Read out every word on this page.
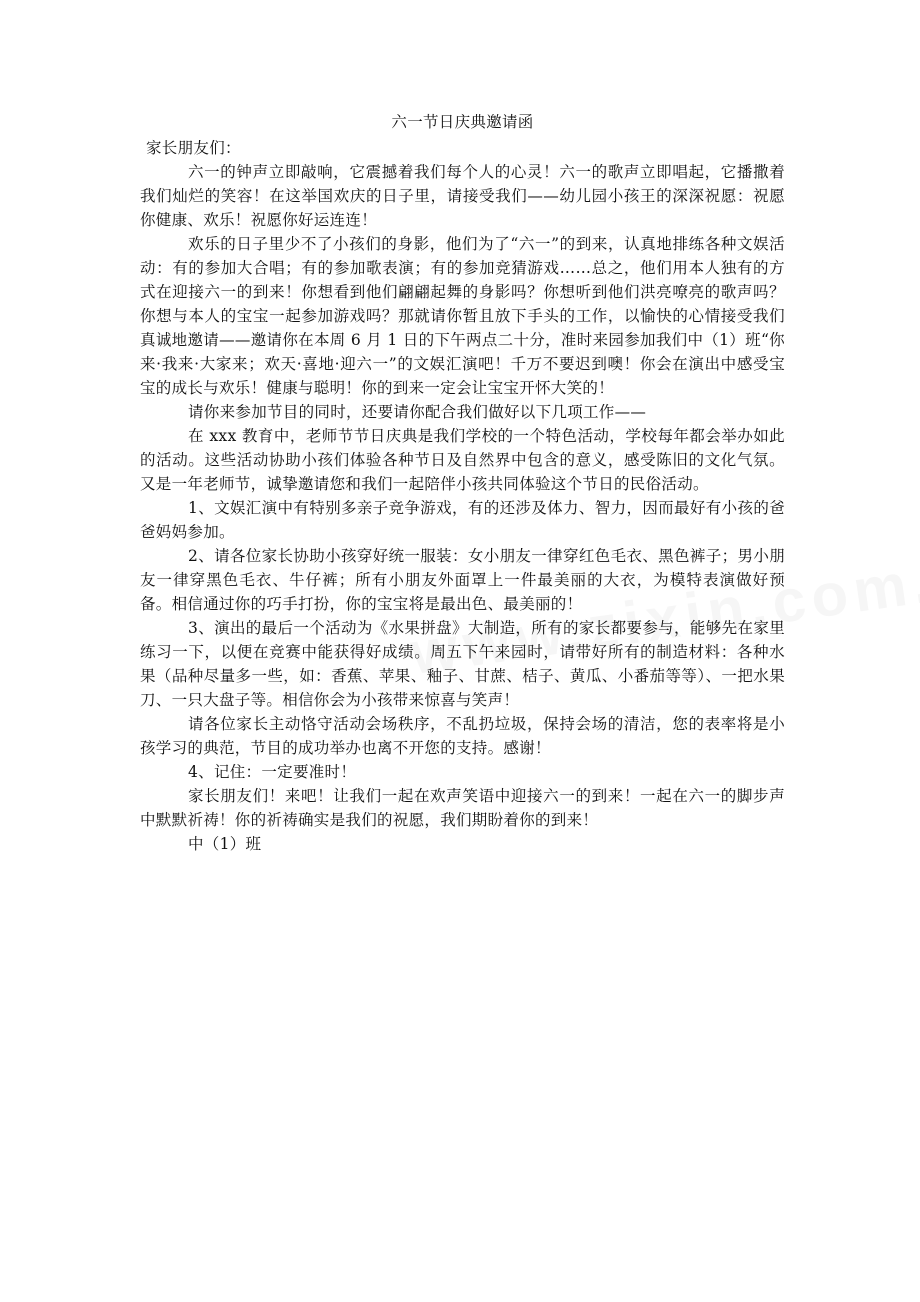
六一节日庆典邀请函

家长朋友们：

六一的钟声立即敲响，它震撼着我们每个人的心灵！六一的歌声立即唱起，它播撒着我们灿烂的笑容！在这举国欢庆的日子里，请接受我们——幼儿园小孩王的深深祝愿：祝愿你健康、欢乐！祝愿你好运连连！

欢乐的日子里少不了小孩们的身影，他们为了“六一”的到来，认真地排练各种文娱活动：有的参加大合唱；有的参加歌表演；有的参加竞猜游戏……总之，他们用本人独有的方式在迎接六一的到来！你想看到他们翩翩起舞的身影吗？你想听到他们洪亮嘹亮的歌声吗？你想与本人的宝宝一起参加游戏吗？那就请你暂且放下手头的工作，以愉快的心情接受我们真诚地邀请——邀请你在本周 6 月 1 日的下午两点二十分，准时来园参加我们中（1）班“你来·我来·大家来；欢天·喜地·迎六一”的文娱汇演吧！千万不要迟到噢！你会在演出中感受宝宝的成长与欢乐！健康与聪明！你的到来一定会让宝宝开怀大笑的！

请你来参加节目的同时，还要请你配合我们做好以下几项工作——

在 xxx 教育中，老师节节日庆典是我们学校的一个特色活动，学校每年都会举办如此的活动。这些活动协助小孩们体验各种节日及自然界中包含的意义，感受陈旧的文化气氛。又是一年老师节，诚挚邀请您和我们一起陪伴小孩共同体验这个节日的民俗活动。

1、文娱汇演中有特别多亲子竞争游戏，有的还涉及体力、智力，因而最好有小孩的爸爸妈妈参加。

2、请各位家长协助小孩穿好统一服装：女小朋友一律穿红色毛衣、黑色裤子；男小朋友一律穿黑色毛衣、牛仔裤；所有小朋友外面罩上一件最美丽的大衣，为模特表演做好预备。相信通过你的巧手打扮，你的宝宝将是最出色、最美丽的！

3、演出的最后一个活动为《水果拼盘》大制造，所有的家长都要参与，能够先在家里练习一下，以便在竞赛中能获得好成绩。周五下午来园时，请带好所有的制造材料：各种水果（品种尽量多一些，如：香蕉、苹果、釉子、甘蔗、桔子、黄瓜、小番茄等等）、一把水果刀、一只大盘子等。相信你会为小孩带来惊喜与笑声！

请各位家长主动恪守活动会场秩序，不乱扔垃圾，保持会场的清洁，您的表率将是小孩学习的典范，节目的成功举办也离不开您的支持。感谢！

4、记住：一定要准时！

家长朋友们！来吧！让我们一起在欢声笑语中迎接六一的到来！一起在六一的脚步声中默默祈祷！你的祈祷确实是我们的祝愿，我们期盼着你的到来！

中（1）班
